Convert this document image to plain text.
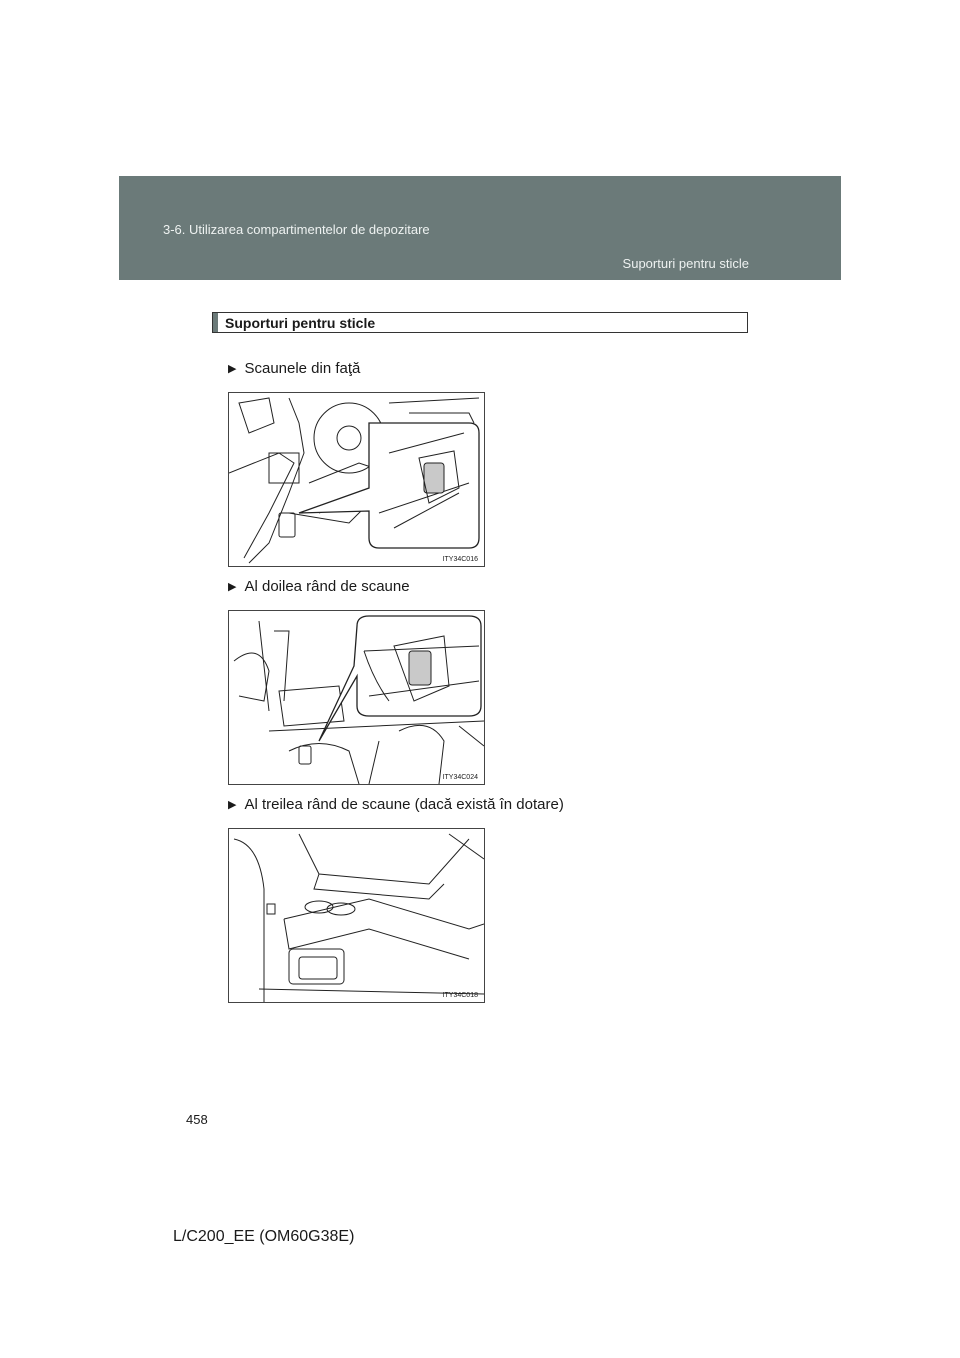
3-6. Utilizarea compartimentelor de depozitare
Suporturi pentru sticle
Suporturi pentru sticle
▶ Scaunele din faţă
ITY34C016
▶ Al doilea rând de scaune
ITY34C024
▶ Al treilea rând de scaune (dacă există în dotare)
ITY34C018
458
L/C200_EE (OM60G38E)
